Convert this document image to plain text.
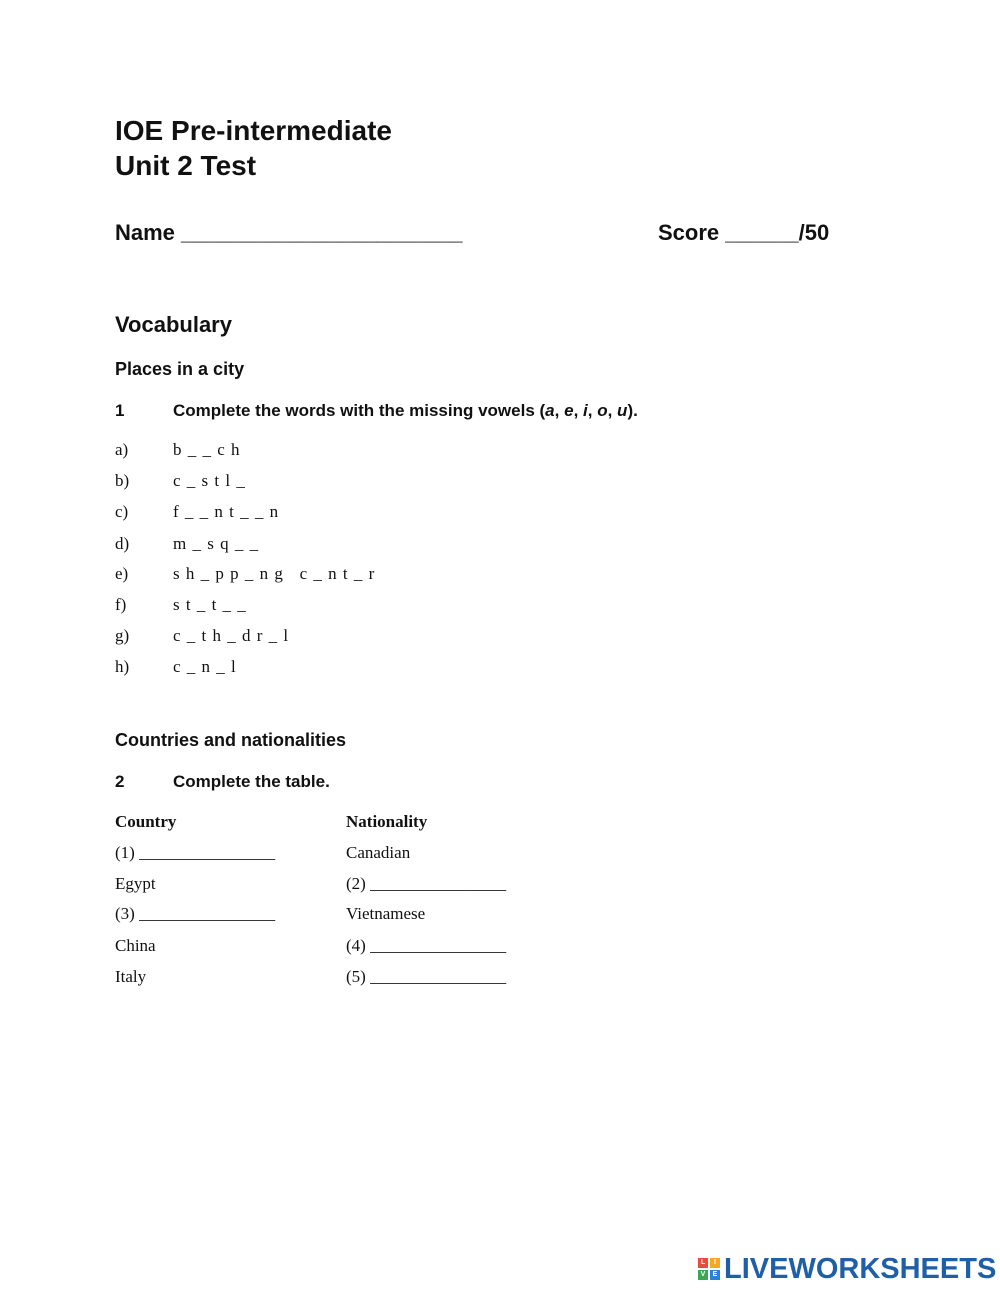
IOE Pre-intermediate
Unit 2 Test
Name _______________________	Score ______/50
Vocabulary
Places in a city
1	Complete the words with the missing vowels (a, e, i, o, u).
a)	b _ _ c h
b)	c _ s t l _
c)	f _ _ n t _ _ n
d)	m _ s q _ _
e)	s h _ p p _ n g   c _ n t _ r
f)	s t _ t _ _
g)	c _ t h _ d r _ l
h)	c _ n _ l
Countries and nationalities
2	Complete the table.
Country	Nationality
(1) ________________	Canadian
Egypt	(2) ________________
(3) ________________	Vietnamese
China	(4) ________________
Italy	(5) ________________
L	I
V	E LIVEWORKSHEETS
